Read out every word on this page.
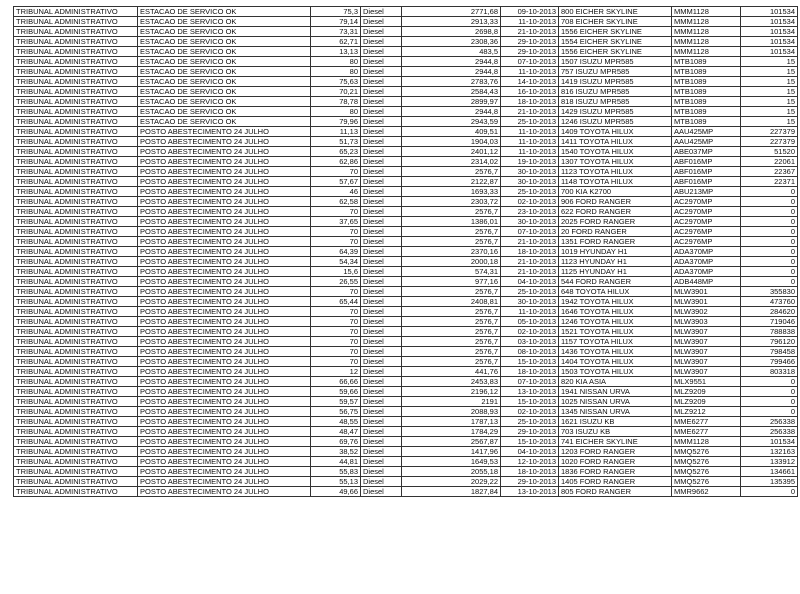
TRIBUNAL ADMINISTRATIVO	ESTACAO DE SERVICO OK	75,3	Diesel	2771,68	09-10-2013	800 EICHER SKYLINE	MMM1128	101534
TRIBUNAL ADMINISTRATIVO	ESTACAO DE SERVICO OK	79,14	Diesel	2913,33	11-10-2013	708 EICHER SKYLINE	MMM1128	101534
TRIBUNAL ADMINISTRATIVO	ESTACAO DE SERVICO OK	73,31	Diesel	2698,8	21-10-2013	1556 EICHER SKYLINE	MMM1128	101534
TRIBUNAL ADMINISTRATIVO	ESTACAO DE SERVICO OK	62,71	Diesel	2308,36	29-10-2013	1554 EICHER SKYLINE	MMM1128	101534
TRIBUNAL ADMINISTRATIVO	ESTACAO DE SERVICO OK	13,13	Diesel	483,5	29-10-2013	1556 EICHER SKYLINE	MMM1128	101534
TRIBUNAL ADMINISTRATIVO	ESTACAO DE SERVICO OK	80	Diesel	2944,8	07-10-2013	1507 ISUZU MPR585	MTB1089	15
TRIBUNAL ADMINISTRATIVO	ESTACAO DE SERVICO OK	80	Diesel	2944,8	11-10-2013	757 ISUZU MPR585	MTB1089	15
TRIBUNAL ADMINISTRATIVO	ESTACAO DE SERVICO OK	75,63	Diesel	2783,76	14-10-2013	1419 ISUZU MPR585	MTB1089	15
TRIBUNAL ADMINISTRATIVO	ESTACAO DE SERVICO OK	70,21	Diesel	2584,43	16-10-2013	816 ISUZU MPR585	MTB1089	15
TRIBUNAL ADMINISTRATIVO	ESTACAO DE SERVICO OK	78,78	Diesel	2899,97	18-10-2013	818 ISUZU MPR585	MTB1089	15
TRIBUNAL ADMINISTRATIVO	ESTACAO DE SERVICO OK	80	Diesel	2944,8	21-10-2013	1429 ISUZU MPR585	MTB1089	15
TRIBUNAL ADMINISTRATIVO	ESTACAO DE SERVICO OK	79,96	Diesel	2943,59	25-10-2013	1246 ISUZU MPR585	MTB1089	15
TRIBUNAL ADMINISTRATIVO	POSTO ABESTECIMENTO 24 JULHO	11,13	Diesel	409,51	11-10-2013	1409 TOYOTA HILUX	AAU425MP	227379
TRIBUNAL ADMINISTRATIVO	POSTO ABESTECIMENTO 24 JULHO	51,73	Diesel	1904,03	11-10-2013	1411 TOYOTA HILUX	AAU425MP	227379
TRIBUNAL ADMINISTRATIVO	POSTO ABESTECIMENTO 24 JULHO	65,23	Diesel	2401,12	11-10-2013	1540 TOYOTA HILUX	ABE037MP	51520
TRIBUNAL ADMINISTRATIVO	POSTO ABESTECIMENTO 24 JULHO	62,86	Diesel	2314,02	19-10-2013	1307 TOYOTA HILUX	ABF016MP	22061
TRIBUNAL ADMINISTRATIVO	POSTO ABESTECIMENTO 24 JULHO	70	Diesel	2576,7	30-10-2013	1123 TOYOTA HILUX	ABF016MP	22367
TRIBUNAL ADMINISTRATIVO	POSTO ABESTECIMENTO 24 JULHO	57,67	Diesel	2122,87	30-10-2013	1148 TOYOTA HILUX	ABF016MP	22371
TRIBUNAL ADMINISTRATIVO	POSTO ABESTECIMENTO 24 JULHO	46	Diesel	1693,33	25-10-2013	700 KIA K2700	ABU213MP	0
TRIBUNAL ADMINISTRATIVO	POSTO ABESTECIMENTO 24 JULHO	62,58	Diesel	2303,72	02-10-2013	906 FORD RANGER	AC2970MP	0
TRIBUNAL ADMINISTRATIVO	POSTO ABESTECIMENTO 24 JULHO	70	Diesel	2576,7	23-10-2013	622 FORD RANGER	AC2970MP	0
TRIBUNAL ADMINISTRATIVO	POSTO ABESTECIMENTO 24 JULHO	37,65	Diesel	1386,01	30-10-2013	2025 FORD RANGER	AC2970MP	0
TRIBUNAL ADMINISTRATIVO	POSTO ABESTECIMENTO 24 JULHO	70	Diesel	2576,7	07-10-2013	20 FORD RANGER	AC2976MP	0
TRIBUNAL ADMINISTRATIVO	POSTO ABESTECIMENTO 24 JULHO	70	Diesel	2576,7	21-10-2013	1351 FORD RANGER	AC2976MP	0
TRIBUNAL ADMINISTRATIVO	POSTO ABESTECIMENTO 24 JULHO	64,39	Diesel	2370,16	18-10-2013	1019 HYUNDAY H1	ADA370MP	0
TRIBUNAL ADMINISTRATIVO	POSTO ABESTECIMENTO 24 JULHO	54,34	Diesel	2000,18	21-10-2013	1123 HYUNDAY H1	ADA370MP	0
TRIBUNAL ADMINISTRATIVO	POSTO ABESTECIMENTO 24 JULHO	15,6	Diesel	574,31	21-10-2013	1125 HYUNDAY H1	ADA370MP	0
TRIBUNAL ADMINISTRATIVO	POSTO ABESTECIMENTO 24 JULHO	26,55	Diesel	977,16	04-10-2013	544 FORD RANGER	ADB448MP	0
TRIBUNAL ADMINISTRATIVO	POSTO ABESTECIMENTO 24 JULHO	70	Diesel	2576,7	25-10-2013	648 TOYOTA HILUX	MLW3901	355830
TRIBUNAL ADMINISTRATIVO	POSTO ABESTECIMENTO 24 JULHO	65,44	Diesel	2408,81	30-10-2013	1942 TOYOTA HILUX	MLW3901	473760
TRIBUNAL ADMINISTRATIVO	POSTO ABESTECIMENTO 24 JULHO	70	Diesel	2576,7	11-10-2013	1646 TOYOTA HILUX	MLW3902	284620
TRIBUNAL ADMINISTRATIVO	POSTO ABESTECIMENTO 24 JULHO	70	Diesel	2576,7	05-10-2013	1246 TOYOTA HILUX	MLW3903	719046
TRIBUNAL ADMINISTRATIVO	POSTO ABESTECIMENTO 24 JULHO	70	Diesel	2576,7	02-10-2013	1521 TOYOTA HILUX	MLW3907	788838
TRIBUNAL ADMINISTRATIVO	POSTO ABESTECIMENTO 24 JULHO	70	Diesel	2576,7	03-10-2013	1157 TOYOTA HILUX	MLW3907	796120
TRIBUNAL ADMINISTRATIVO	POSTO ABESTECIMENTO 24 JULHO	70	Diesel	2576,7	08-10-2013	1436 TOYOTA HILUX	MLW3907	798458
TRIBUNAL ADMINISTRATIVO	POSTO ABESTECIMENTO 24 JULHO	70	Diesel	2576,7	15-10-2013	1404 TOYOTA HILUX	MLW3907	799466
TRIBUNAL ADMINISTRATIVO	POSTO ABESTECIMENTO 24 JULHO	12	Diesel	441,76	18-10-2013	1503 TOYOTA HILUX	MLW3907	803318
TRIBUNAL ADMINISTRATIVO	POSTO ABESTECIMENTO 24 JULHO	66,66	Diesel	2453,83	07-10-2013	820 KIA ASIA	MLX9551	0
TRIBUNAL ADMINISTRATIVO	POSTO ABESTECIMENTO 24 JULHO	59,66	Diesel	2196,12	13-10-2013	1941 NISSAN URVA	MLZ9209	0
TRIBUNAL ADMINISTRATIVO	POSTO ABESTECIMENTO 24 JULHO	59,57	Diesel	2191	15-10-2013	1025 NISSAN URVA	MLZ9209	0
TRIBUNAL ADMINISTRATIVO	POSTO ABESTECIMENTO 24 JULHO	56,75	Diesel	2088,93	02-10-2013	1345 NISSAN URVA	MLZ9212	0
TRIBUNAL ADMINISTRATIVO	POSTO ABESTECIMENTO 24 JULHO	48,55	Diesel	1787,13	25-10-2013	1621 ISUZU KB	MME6277	256338
TRIBUNAL ADMINISTRATIVO	POSTO ABESTECIMENTO 24 JULHO	48,47	Diesel	1784,29	29-10-2013	703 ISUZU KB	MME6277	256338
TRIBUNAL ADMINISTRATIVO	POSTO ABESTECIMENTO 24 JULHO	69,76	Diesel	2567,87	15-10-2013	741 EICHER SKYLINE	MMM1128	101534
TRIBUNAL ADMINISTRATIVO	POSTO ABESTECIMENTO 24 JULHO	38,52	Diesel	1417,96	04-10-2013	1203 FORD RANGER	MMQ5276	132163
TRIBUNAL ADMINISTRATIVO	POSTO ABESTECIMENTO 24 JULHO	44,81	Diesel	1649,53	12-10-2013	1020 FORD RANGER	MMQ5276	133912
TRIBUNAL ADMINISTRATIVO	POSTO ABESTECIMENTO 24 JULHO	55,83	Diesel	2055,18	18-10-2013	1836 FORD RANGER	MMQ5276	134661
TRIBUNAL ADMINISTRATIVO	POSTO ABESTECIMENTO 24 JULHO	55,13	Diesel	2029,22	29-10-2013	1405 FORD RANGER	MMQ5276	135395
TRIBUNAL ADMINISTRATIVO	POSTO ABESTECIMENTO 24 JULHO	49,66	Diesel	1827,84	13-10-2013	805 FORD RANGER	MMR9662	0
